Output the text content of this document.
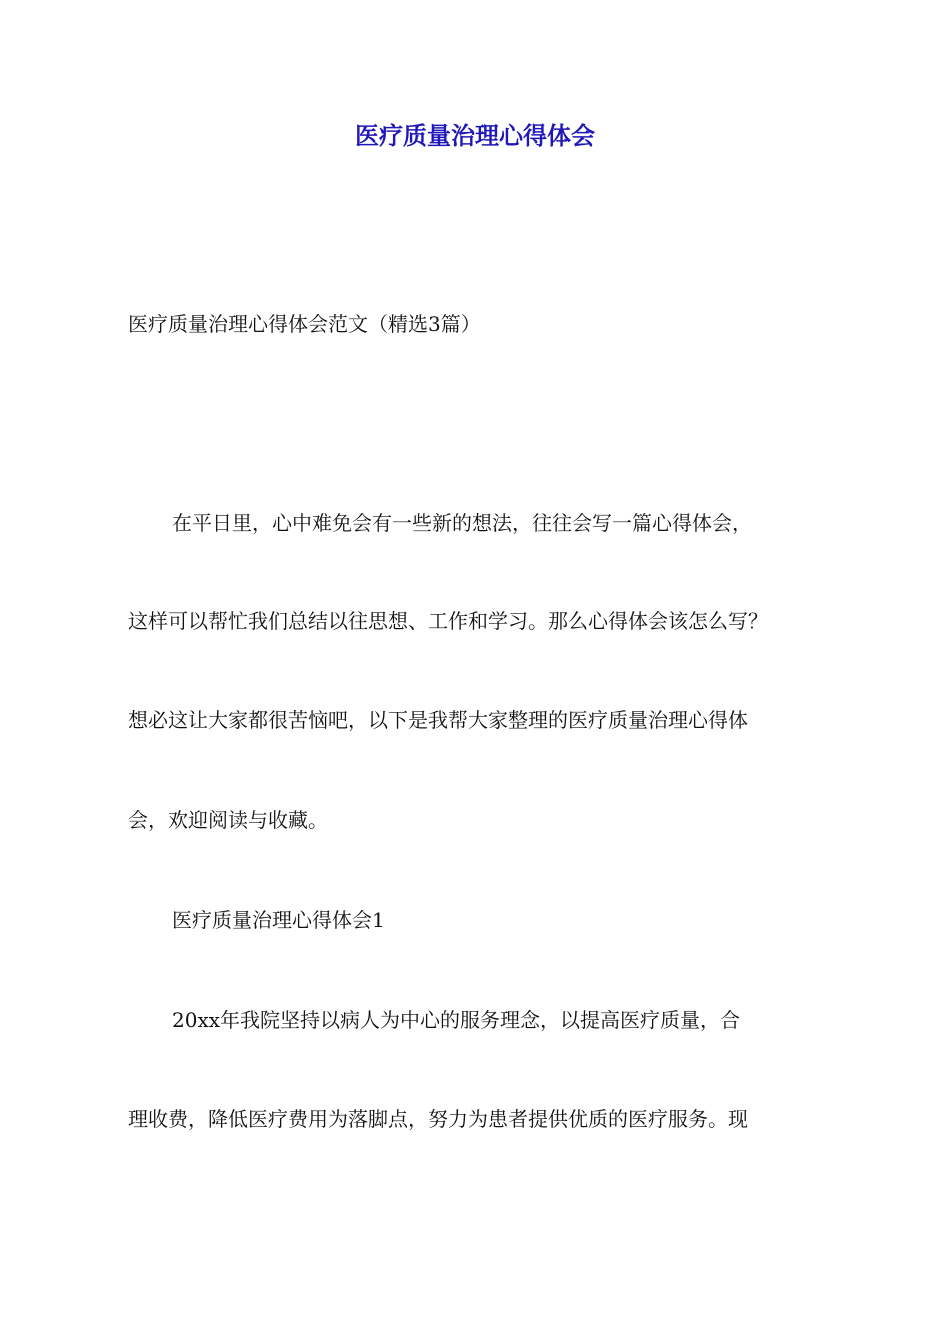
医疗质量治理心得体会
医疗质量治理心得体会范文（精选3篇）
在平日里，心中难免会有一些新的想法，往往会写一篇心得体会，
这样可以帮忙我们总结以往思想、工作和学习。那么心得体会该怎么写？
想必这让大家都很苦恼吧，以下是我帮大家整理的医疗质量治理心得体
会，欢迎阅读与收藏。
医疗质量治理心得体会1
20xx年我院坚持以病人为中心的服务理念，以提高医疗质量，合
理收费，降低医疗费用为落脚点，努力为患者提供优质的医疗服务。现
